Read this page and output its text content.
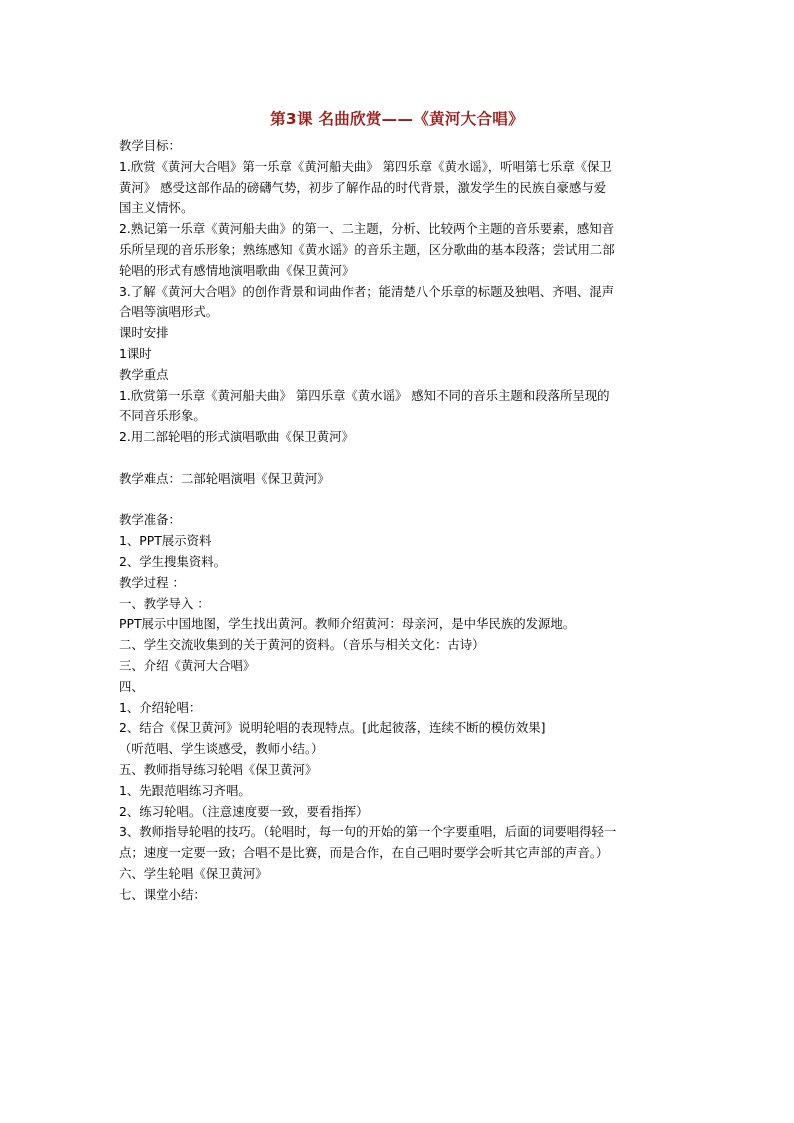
第3课 名曲欣赏——《黄河大合唱》
教学目标：
1.欣赏《黄河大合唱》第一乐章《黄河船夫曲》 第四乐章《黄水谣》，听唱第七乐章《保卫
黄河》 感受这部作品的磅礴气势，初步了解作品的时代背景，激发学生的民族自豪感与爱
国主义情怀。
2.熟记第一乐章《黄河船夫曲》的第一、二主题，分析、比较两个主题的音乐要素，感知音
乐所呈现的音乐形象；熟练感知《黄水谣》的音乐主题，区分歌曲的基本段落；尝试用二部
轮唱的形式有感情地演唱歌曲《保卫黄河》
3.了解《黄河大合唱》的创作背景和词曲作者；能清楚八个乐章的标题及独唱、齐唱、混声
合唱等演唱形式。
课时安排
1课时
教学重点
1.欣赏第一乐章《黄河船夫曲》 第四乐章《黄水谣》 感知不同的音乐主题和段落所呈现的
不同音乐形象。
2.用二部轮唱的形式演唱歌曲《保卫黄河》
教学难点：二部轮唱演唱《保卫黄河》
教学准备：
1、PPT展示资料
2、学生搜集资料。
教学过程 ：
一、教学导入 ：
PPT展示中国地图，学生找出黄河。教师介绍黄河：母亲河，是中华民族的发源地。
二、学生交流收集到的关于黄河的资料。（音乐与相关文化：古诗）
三、介绍《黄河大合唱》
四、
1、介绍轮唱：
2、结合《保卫黄河》说明轮唱的表现特点。[此起彼落，连续不断的模仿效果]
（听范唱、学生谈感受，教师小结。）
五、教师指导练习轮唱《保卫黄河》
1、先跟范唱练习齐唱。
2、练习轮唱。（注意速度要一致，要看指挥）
3、教师指导轮唱的技巧。（轮唱时，每一句的开始的第一个字要重唱，后面的词要唱得轻一
点；速度一定要一致；合唱不是比赛，而是合作，在自己唱时要学会听其它声部的声音。）
六、学生轮唱《保卫黄河》
七、课堂小结：
